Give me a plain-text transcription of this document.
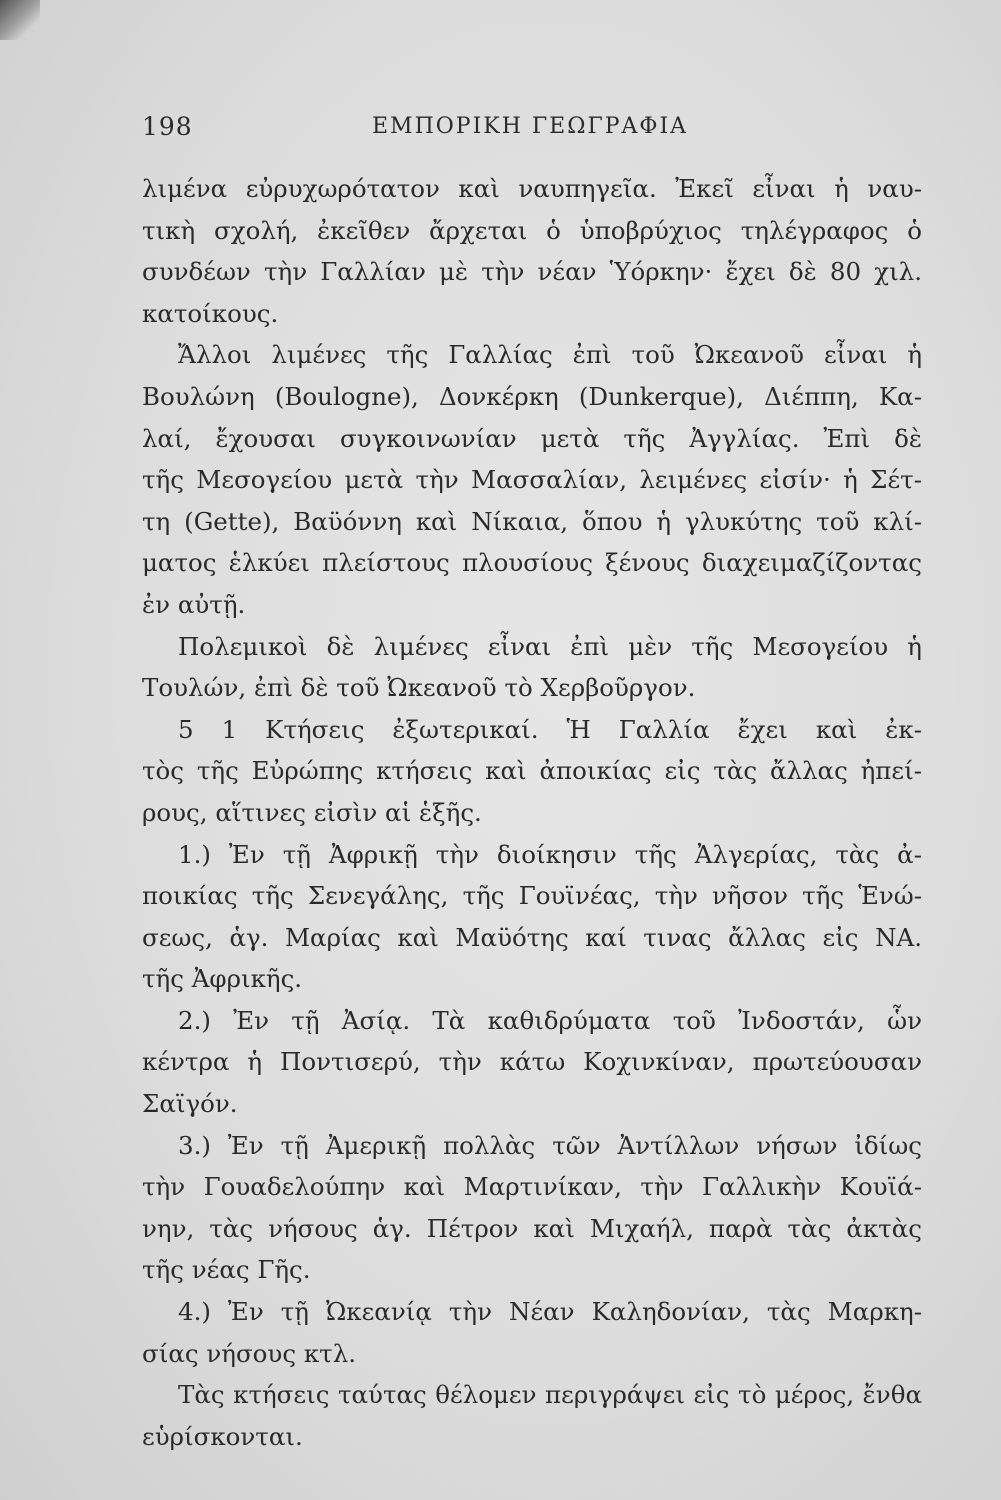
198	ΕΜΠΟΡΙΚΗ ΓΕΩΓΡΑΦΙΑ
λιμένα εὐρυχωρότατον καὶ ναυπηγεῖα. Ἐκεῖ εἶναι ἡ ναυ-
τικὴ σχολή, ἐκεῖθεν ἄρχεται ὁ ὑποβρύχιος τηλέγραφος ὁ
συνδέων τὴν Γαλλίαν μὲ τὴν νέαν Ὑόρκην· ἔχει δὲ 80 χιλ.
κατοίκους.
Ἄλλοι λιμένες τῆς Γαλλίας ἐπὶ τοῦ Ὠκεανοῦ εἶναι ἡ
Βουλώνη (Boulogne), Δονκέρκη (Dunkerque), Διέππη, Κα-
λαί, ἔχουσαι συγκοινωνίαν μετὰ τῆς Ἀγγλίας. Ἐπὶ δὲ
τῆς Μεσογείου μετὰ τὴν Μασσαλίαν, λειμένες εἰσίν· ἡ Σέτ-
τη (Gette), Βαϋόννη καὶ Νίκαια, ὅπου ἡ γλυκύτης τοῦ κλί-
ματος ἑλκύει πλείστους πλουσίους ξένους διαχειμαζίζοντας
ἐν αὐτῇ.
Πολεμικοὶ δὲ λιμένες εἶναι ἐπὶ μὲν τῆς Μεσογείου ἡ
Τουλών, ἐπὶ δὲ τοῦ Ὠκεανοῦ τὸ Χερβοῦργον.
5 1 Κτήσεις ἐξωτερικαί. Ἡ Γαλλία ἔχει καὶ ἐκ-
τὸς τῆς Εὐρώπης κτήσεις καὶ ἀποικίας εἰς τὰς ἄλλας ἠπεί-
ρους, αἵτινες εἰσὶν αἱ ἑξῆς.
1.) Ἐν τῇ Ἀφρικῇ τὴν διοίκησιν τῆς Ἀλγερίας, τὰς ἀ-
ποικίας τῆς Σενεγάλης, τῆς Γουϊνέας, τὴν νῆσον τῆς Ἑνώ-
σεως, ἁγ. Μαρίας καὶ Μαϋότης καί τινας ἄλλας εἰς ΝΑ.
τῆς Ἀφρικῆς.
2.) Ἐν τῇ Ἀσίᾳ. Τὰ καθιδρύματα τοῦ Ἰνδοστάν, ὧν
κέντρα ἡ Ποντισερύ, τὴν κάτω Κοχινκίναν, πρωτεύουσαν
Σαϊγόν.
3.) Ἐν τῇ Ἀμερικῇ πολλὰς τῶν Ἀντίλλων νήσων ἰδίως
τὴν Γουαδελούπην καὶ Μαρτινίκαν, τὴν Γαλλικὴν Κουϊά-
νην, τὰς νήσους ἁγ. Πέτρον καὶ Μιχαήλ, παρὰ τὰς ἀκτὰς
τῆς νέας Γῆς.
4.) Ἐν τῇ Ὠκεανίᾳ τὴν Νέαν Καληδονίαν, τὰς Μαρκη-
σίας νήσους κτλ.
Τὰς κτήσεις ταύτας θέλομεν περιγράψει εἰς τὸ μέρος, ἔνθα
εὑρίσκονται.
